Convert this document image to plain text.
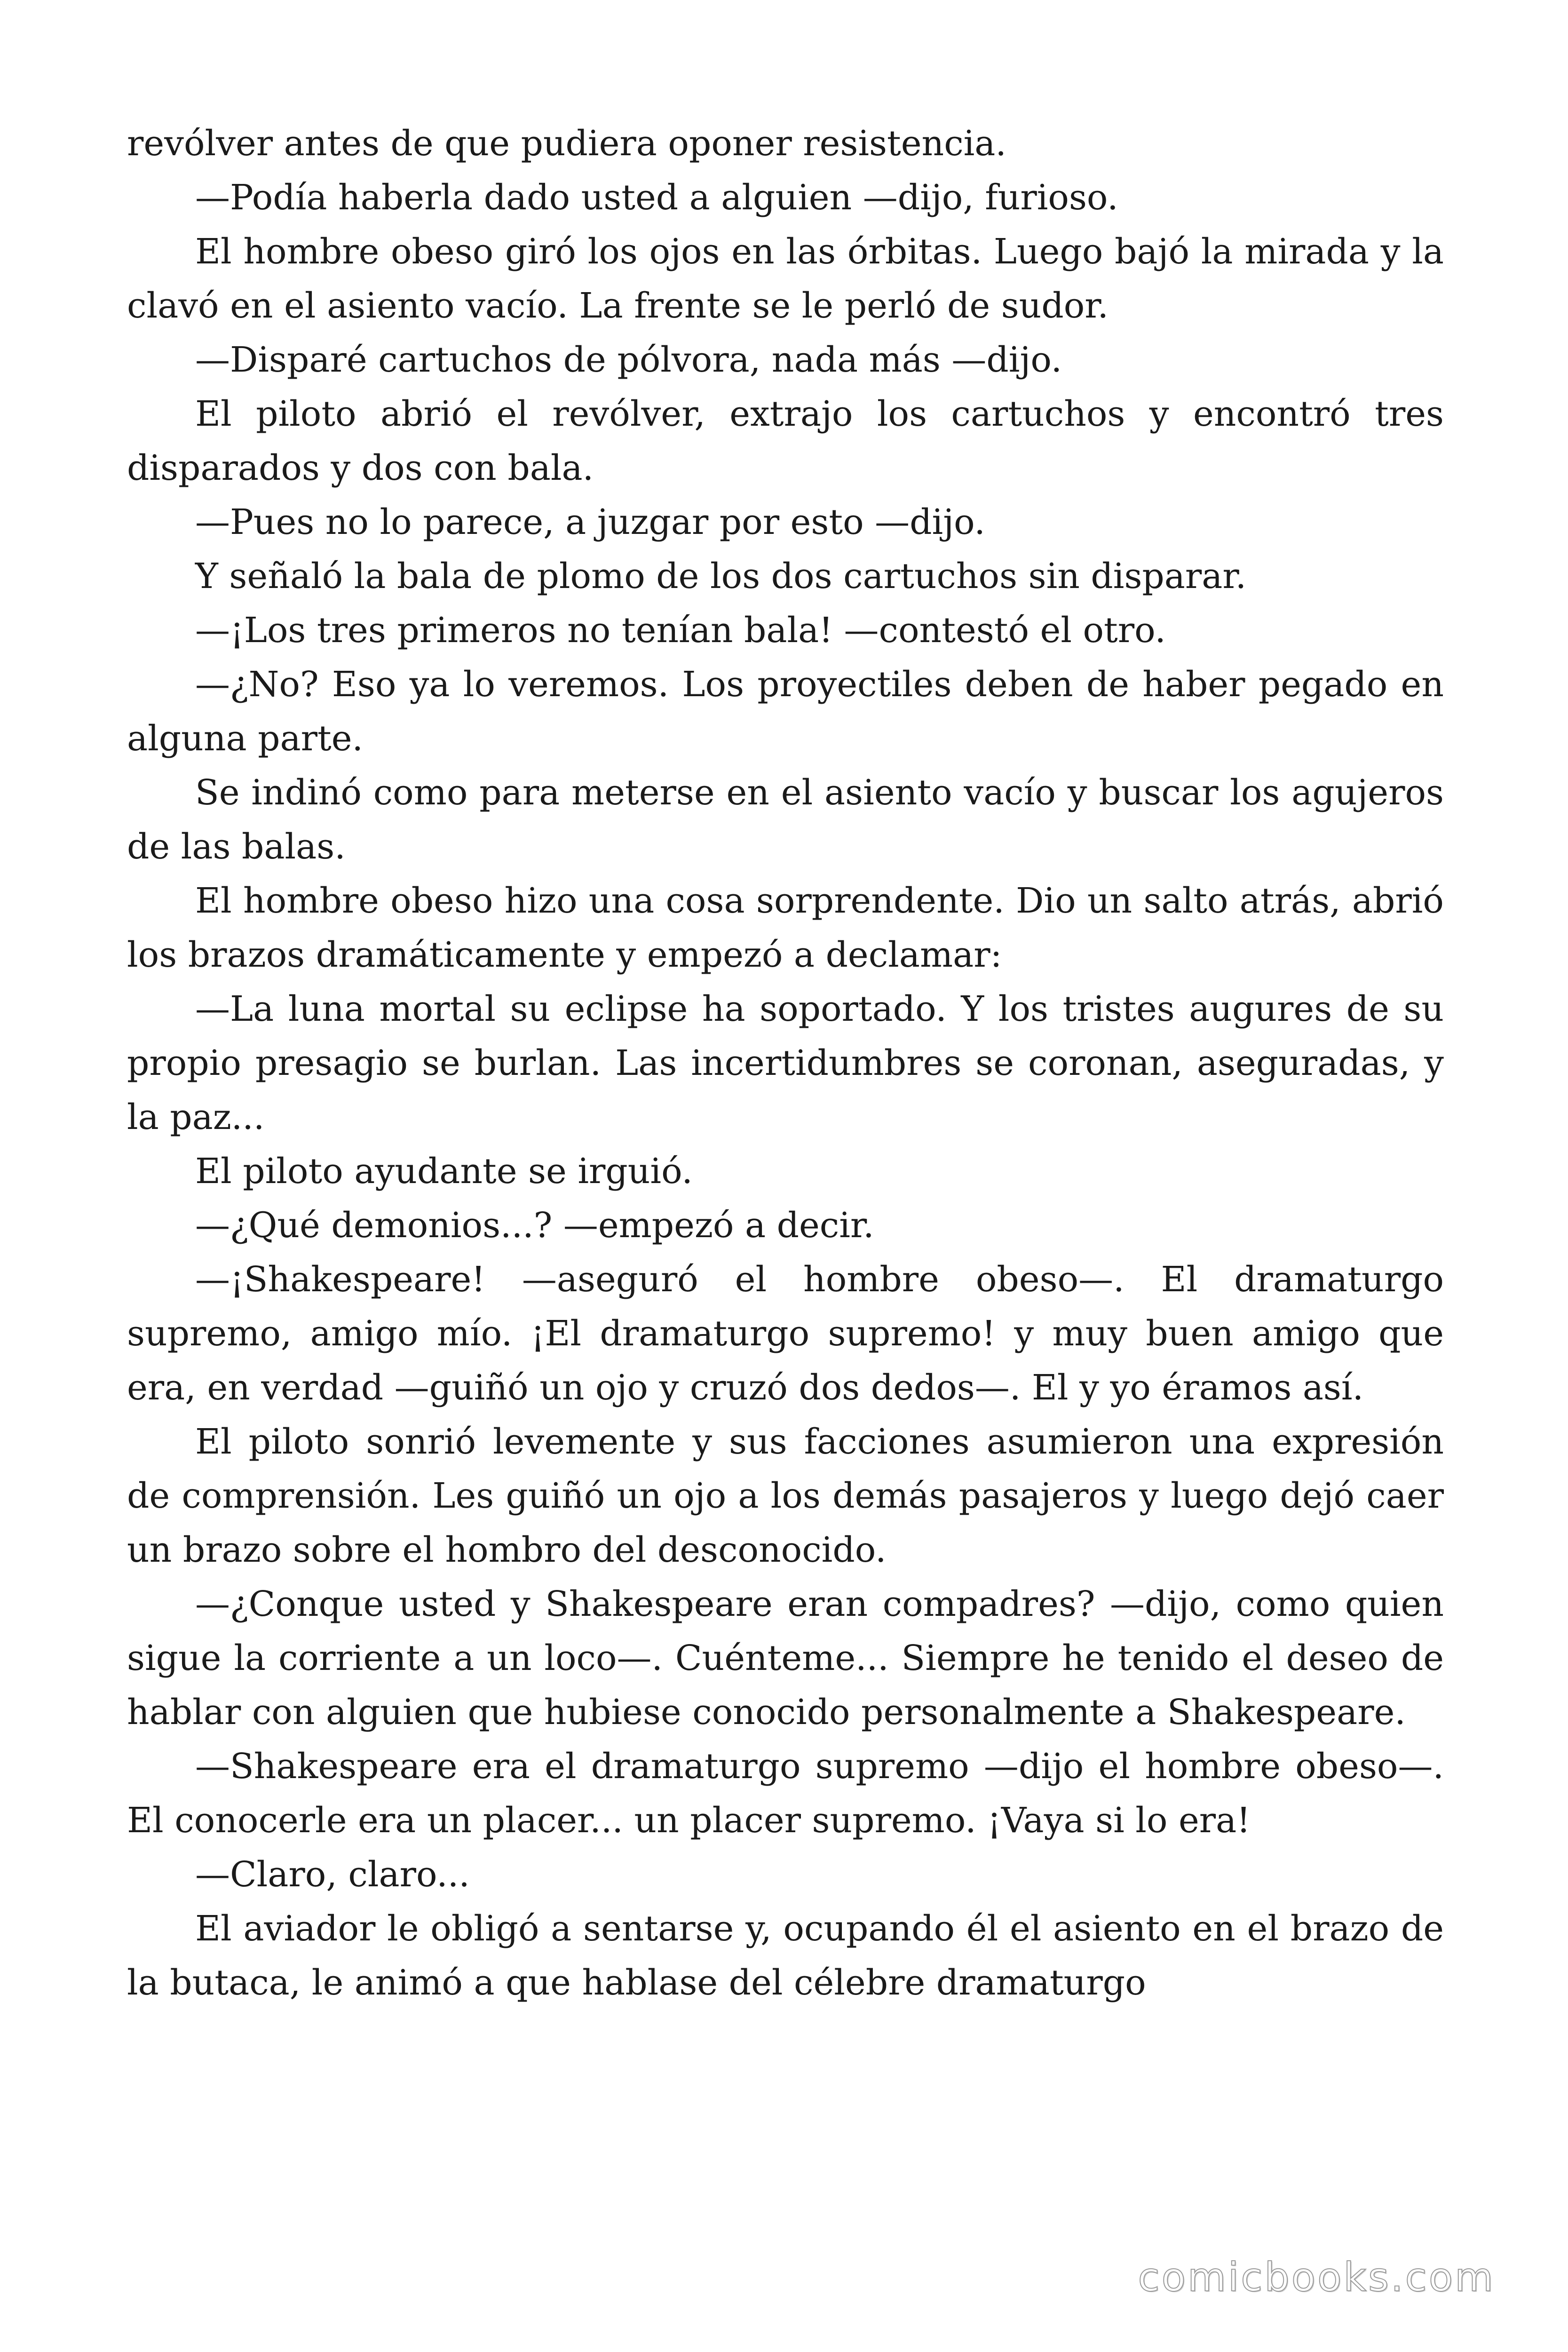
revólver antes de que pudiera oponer resistencia.

—Podía haberla dado usted a alguien —dijo, furioso.

El hombre obeso giró los ojos en las órbitas. Luego bajó la mirada y la clavó en el asiento vacío. La frente se le perló de sudor.

—Disparé cartuchos de pólvora, nada más —dijo.

El piloto abrió el revólver, extrajo los cartuchos y encontró tres disparados y dos con bala.

—Pues no lo parece, a juzgar por esto —dijo.

Y señaló la bala de plomo de los dos cartuchos sin disparar.

—¡Los tres primeros no tenían bala! —contestó el otro.

—¿No? Eso ya lo veremos. Los proyectiles deben de haber pegado en alguna parte.

Se indinó como para meterse en el asiento vacío y buscar los agujeros de las balas.

El hombre obeso hizo una cosa sorprendente. Dio un salto atrás, abrió los brazos dramáticamente y empezó a declamar:

—La luna mortal su eclipse ha soportado. Y los tristes augures de su propio presagio se burlan. Las incertidumbres se coronan, aseguradas, y la paz...

El piloto ayudante se irguió.

—¿Qué demonios...? —empezó a decir.

—¡Shakespeare! —aseguró el hombre obeso—. El dramaturgo supremo, amigo mío. ¡El dramaturgo supremo! y muy buen amigo que era, en verdad —guiñó un ojo y cruzó dos dedos—. El y yo éramos así.

El piloto sonrió levemente y sus facciones asumieron una expresión de comprensión. Les guiñó un ojo a los demás pasajeros y luego dejó caer un brazo sobre el hombro del desconocido.

—¿Conque usted y Shakespeare eran compadres? —dijo, como quien sigue la corriente a un loco—. Cuénteme... Siempre he tenido el deseo de hablar con alguien que hubiese conocido personalmente a Shakespeare.

—Shakespeare era el dramaturgo supremo —dijo el hombre obeso—. El conocerle era un placer... un placer supremo. ¡Vaya si lo era!

—Claro, claro...

El aviador le obligó a sentarse y, ocupando él el asiento en el brazo de la butaca, le animó a que hablase del célebre dramaturgo

comicbooks.com
